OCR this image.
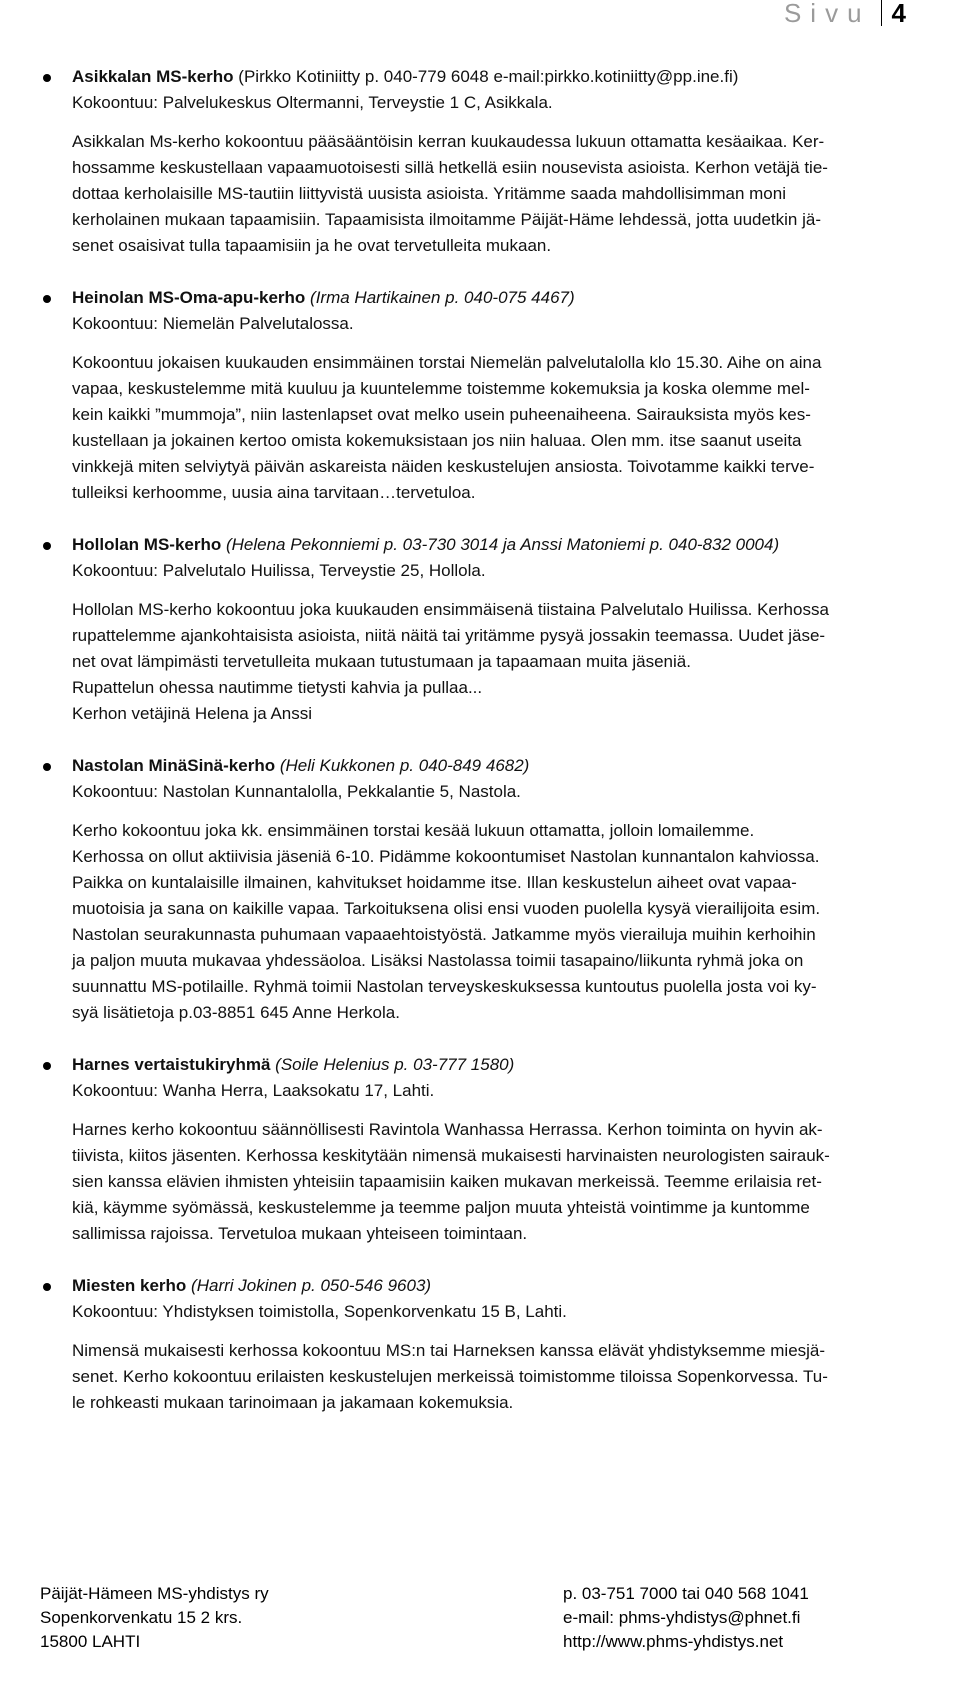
Sivu 4
Asikkalan MS-kerho (Pirkko Kotiniitty p. 040-779 6048 e-mail:pirkko.kotiniitty@pp.ine.fi)
Kokoontuu: Palvelukeskus Oltermanni, Terveystie 1 C, Asikkala.
Asikkalan Ms-kerho kokoontuu pääsääntöisin kerran kuukaudessa lukuun ottamatta kesäaikaa. Ker-
hossamme keskustellaan vapaamuotoisesti sillä hetkellä esiin nousevista asioista. Kerhon vetäjä tie-
dottaa kerholaisille MS-tautiin liittyvistä uusista asioista. Yritämme saada mahdollisimman moni
kerholainen mukaan tapaamisiin. Tapaamisista ilmoitamme Päijät-Häme lehdessä, jotta uudetkin jä-
senet osaisivat tulla tapaamisiin ja he ovat tervetulleita mukaan.
Heinolan MS-Oma-apu-kerho (Irma Hartikainen p. 040-075 4467)
Kokoontuu: Niemelän Palvelutalossa.
Kokoontuu jokaisen kuukauden ensimmäinen torstai Niemelän palvelutalolla klo 15.30. Aihe on aina
vapaa, keskustelemme mitä kuuluu ja kuuntelemme toistemme kokemuksia ja koska olemme mel-
kein kaikki ”mummoja”, niin lastenlapset ovat melko usein puheenaiheena. Sairauksista myös kes-
kustellaan ja jokainen kertoo omista kokemuksistaan jos niin haluaa. Olen mm. itse saanut useita
vinkkejä miten selviytyä päivän askareista näiden keskustelujen ansiosta. Toivotamme kaikki terve-
tulleiksi kerhoomme, uusia aina tarvitaan…tervetuloa.
Hollolan MS-kerho (Helena Pekonniemi p. 03-730 3014 ja Anssi Matoniemi p. 040-832 0004)
Kokoontuu: Palvelutalo Huilissa, Terveystie 25, Hollola.
Hollolan MS-kerho kokoontuu joka kuukauden ensimmäisenä tiistaina Palvelutalo Huilissa. Kerhossa
rupattelemme ajankohtaisista asioista, niitä näitä tai yritämme pysyä jossakin teemassa. Uudet jäse-
net ovat lämpimästi tervetulleita mukaan tutustumaan ja tapaamaan muita jäseniä.
Rupattelun ohessa nautimme tietysti kahvia ja pullaa...
Kerhon vetäjinä Helena ja Anssi
Nastolan MinäSinä-kerho (Heli Kukkonen p. 040-849 4682)
Kokoontuu: Nastolan Kunnantalolla, Pekkalantie 5, Nastola.
Kerho kokoontuu joka kk. ensimmäinen torstai kesää lukuun ottamatta, jolloin lomailemme.
Kerhossa on ollut aktiivisia jäseniä 6-10. Pidämme kokoontumiset Nastolan kunnantalon kahviossa.
Paikka on kuntalaisille ilmainen, kahvitukset hoidamme itse. Illan keskustelun aiheet ovat vapaa-
muotoisia ja sana on kaikille vapaa. Tarkoituksena olisi ensi vuoden puolella kysyä vierailijoita esim.
Nastolan seurakunnasta puhumaan vapaaehtoistyöstä. Jatkamme myös vierailuja muihin kerhoihin
ja paljon muuta mukavaa yhdessäoloa. Lisäksi Nastolassa toimii tasapaino/liikunta ryhmä joka on
suunnattu MS-potilaille. Ryhmä toimii Nastolan terveyskeskuksessa kuntoutus puolella josta voi ky-
syä lisätietoja p.03-8851 645 Anne Herkola.
Harnes vertaistukiryhmä (Soile Helenius p. 03-777 1580)
Kokoontuu: Wanha Herra, Laaksokatu 17, Lahti.
Harnes kerho kokoontuu säännöllisesti Ravintola Wanhassa Herrassa. Kerhon toiminta on hyvin ak-
tiivista, kiitos jäsenten. Kerhossa keskitytään nimensä mukaisesti harvinaisten neurologisten sairauk-
sien kanssa elävien ihmisten yhteisiin tapaamisiin kaiken mukavan merkeissä. Teemme erilaisia ret-
kiä, käymme syömässä, keskustelemme ja teemme paljon muuta yhteistä vointimme ja kuntomme
sallimissa rajoissa. Tervetuloa mukaan yhteiseen toimintaan.
Miesten kerho (Harri Jokinen p. 050-546 9603)
Kokoontuu: Yhdistyksen toimistolla, Sopenkorvenkatu 15 B, Lahti.
Nimensä mukaisesti kerhossa kokoontuu MS:n tai Harneksen kanssa elävät yhdistyksemme miesjä-
senet. Kerho kokoontuu erilaisten keskustelujen merkeissä toimistomme tiloissa Sopenkorvessa. Tu-
le rohkeasti mukaan tarinoimaan ja jakamaan kokemuksia.
Päijät-Hämeen MS-yhdistys ry
Sopenkorvenkatu 15 2 krs.
15800 LAHTI
p. 03-751 7000 tai 040 568 1041
e-mail: phms-yhdistys@phnet.fi
http://www.phms-yhdistys.net
